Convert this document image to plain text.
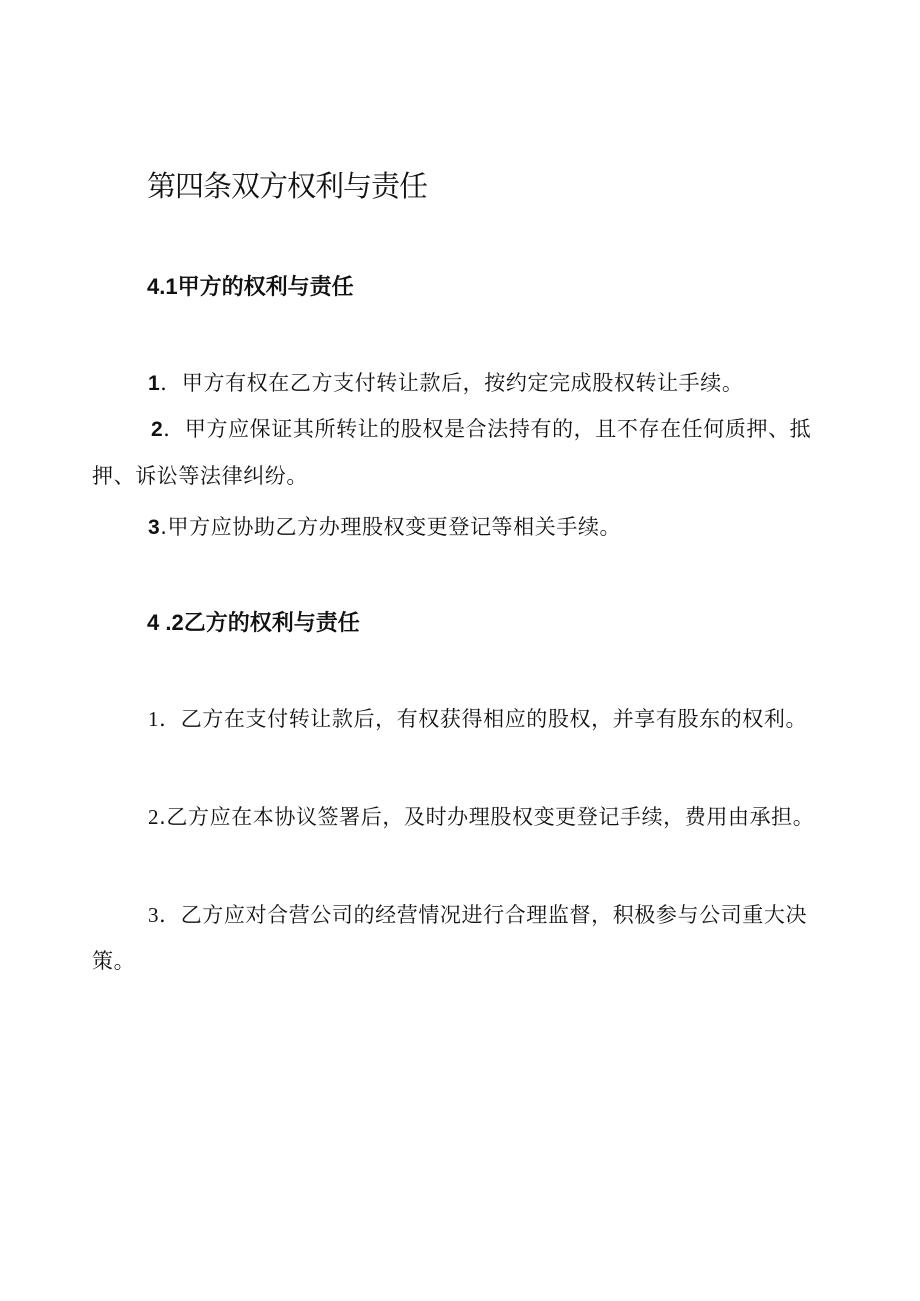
第四条双方权利与责任
4.1甲方的权利与责任
1．甲方有权在乙方支付转让款后，按约定完成股权转让手续。
2．甲方应保证其所转让的股权是合法持有的，且不存在任何质押、抵押、诉讼等法律纠纷。
3.甲方应协助乙方办理股权变更登记等相关手续。
4 .2乙方的权利与责任
1．乙方在支付转让款后，有权获得相应的股权，并享有股东的权利。
2.乙方应在本协议签署后，及时办理股权变更登记手续，费用由承担。
3．乙方应对合营公司的经营情况进行合理监督，积极参与公司重大决策。
